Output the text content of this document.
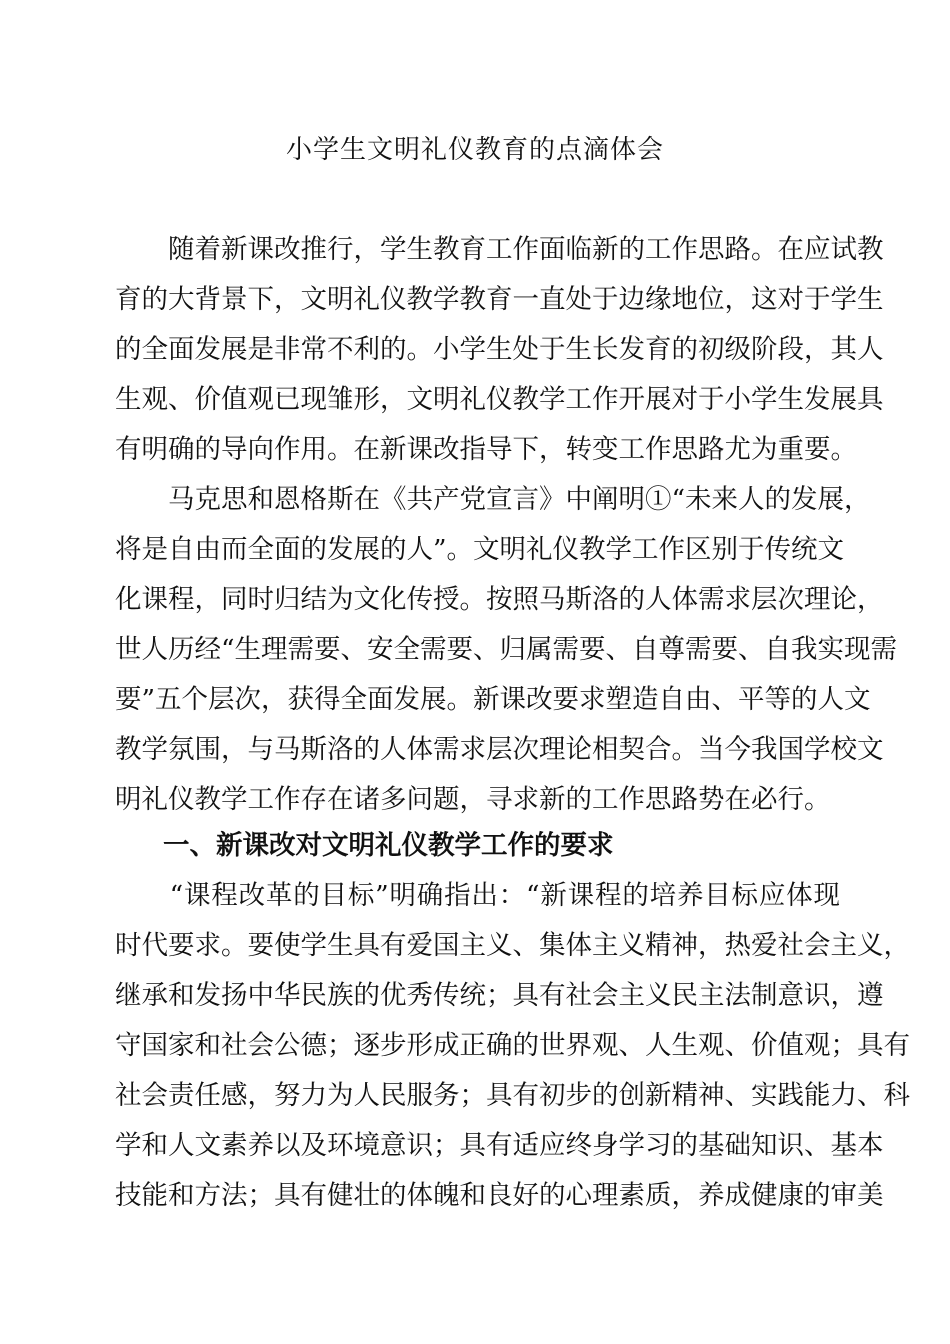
小学生文明礼仪教育的点滴体会
　　随着新课改推行，学生教育工作面临新的工作思路。在应试教
育的大背景下，文明礼仪教学教育一直处于边缘地位，这对于学生
的全面发展是非常不利的。小学生处于生长发育的初级阶段，其人
生观、价值观已现雏形，文明礼仪教学工作开展对于小学生发展具
有明确的导向作用。在新课改指导下，转变工作思路尤为重要。
　　马克思和恩格斯在《共产党宣言》中阐明①“未来人的发展，
将是自由而全面的发展的人”。文明礼仪教学工作区别于传统文
化课程，同时归结为文化传授。按照马斯洛的人体需求层次理论，
世人历经“生理需要、安全需要、归属需要、自尊需要、自我实现需
要”五个层次，获得全面发展。新课改要求塑造自由、平等的人文
教学氛围，与马斯洛的人体需求层次理论相契合。当今我国学校文
明礼仪教学工作存在诸多问题，寻求新的工作思路势在必行。
一、新课改对文明礼仪教学工作的要求
　　“课程改革的目标”明确指出：“新课程的培养目标应体现
时代要求。要使学生具有爱国主义、集体主义精神，热爱社会主义，
继承和发扬中华民族的优秀传统；具有社会主义民主法制意识，遵
守国家和社会公德；逐步形成正确的世界观、人生观、价值观；具有
社会责任感，努力为人民服务；具有初步的创新精神、实践能力、科
学和人文素养以及环境意识；具有适应终身学习的基础知识、基本
技能和方法；具有健壮的体魄和良好的心理素质，养成健康的审美
